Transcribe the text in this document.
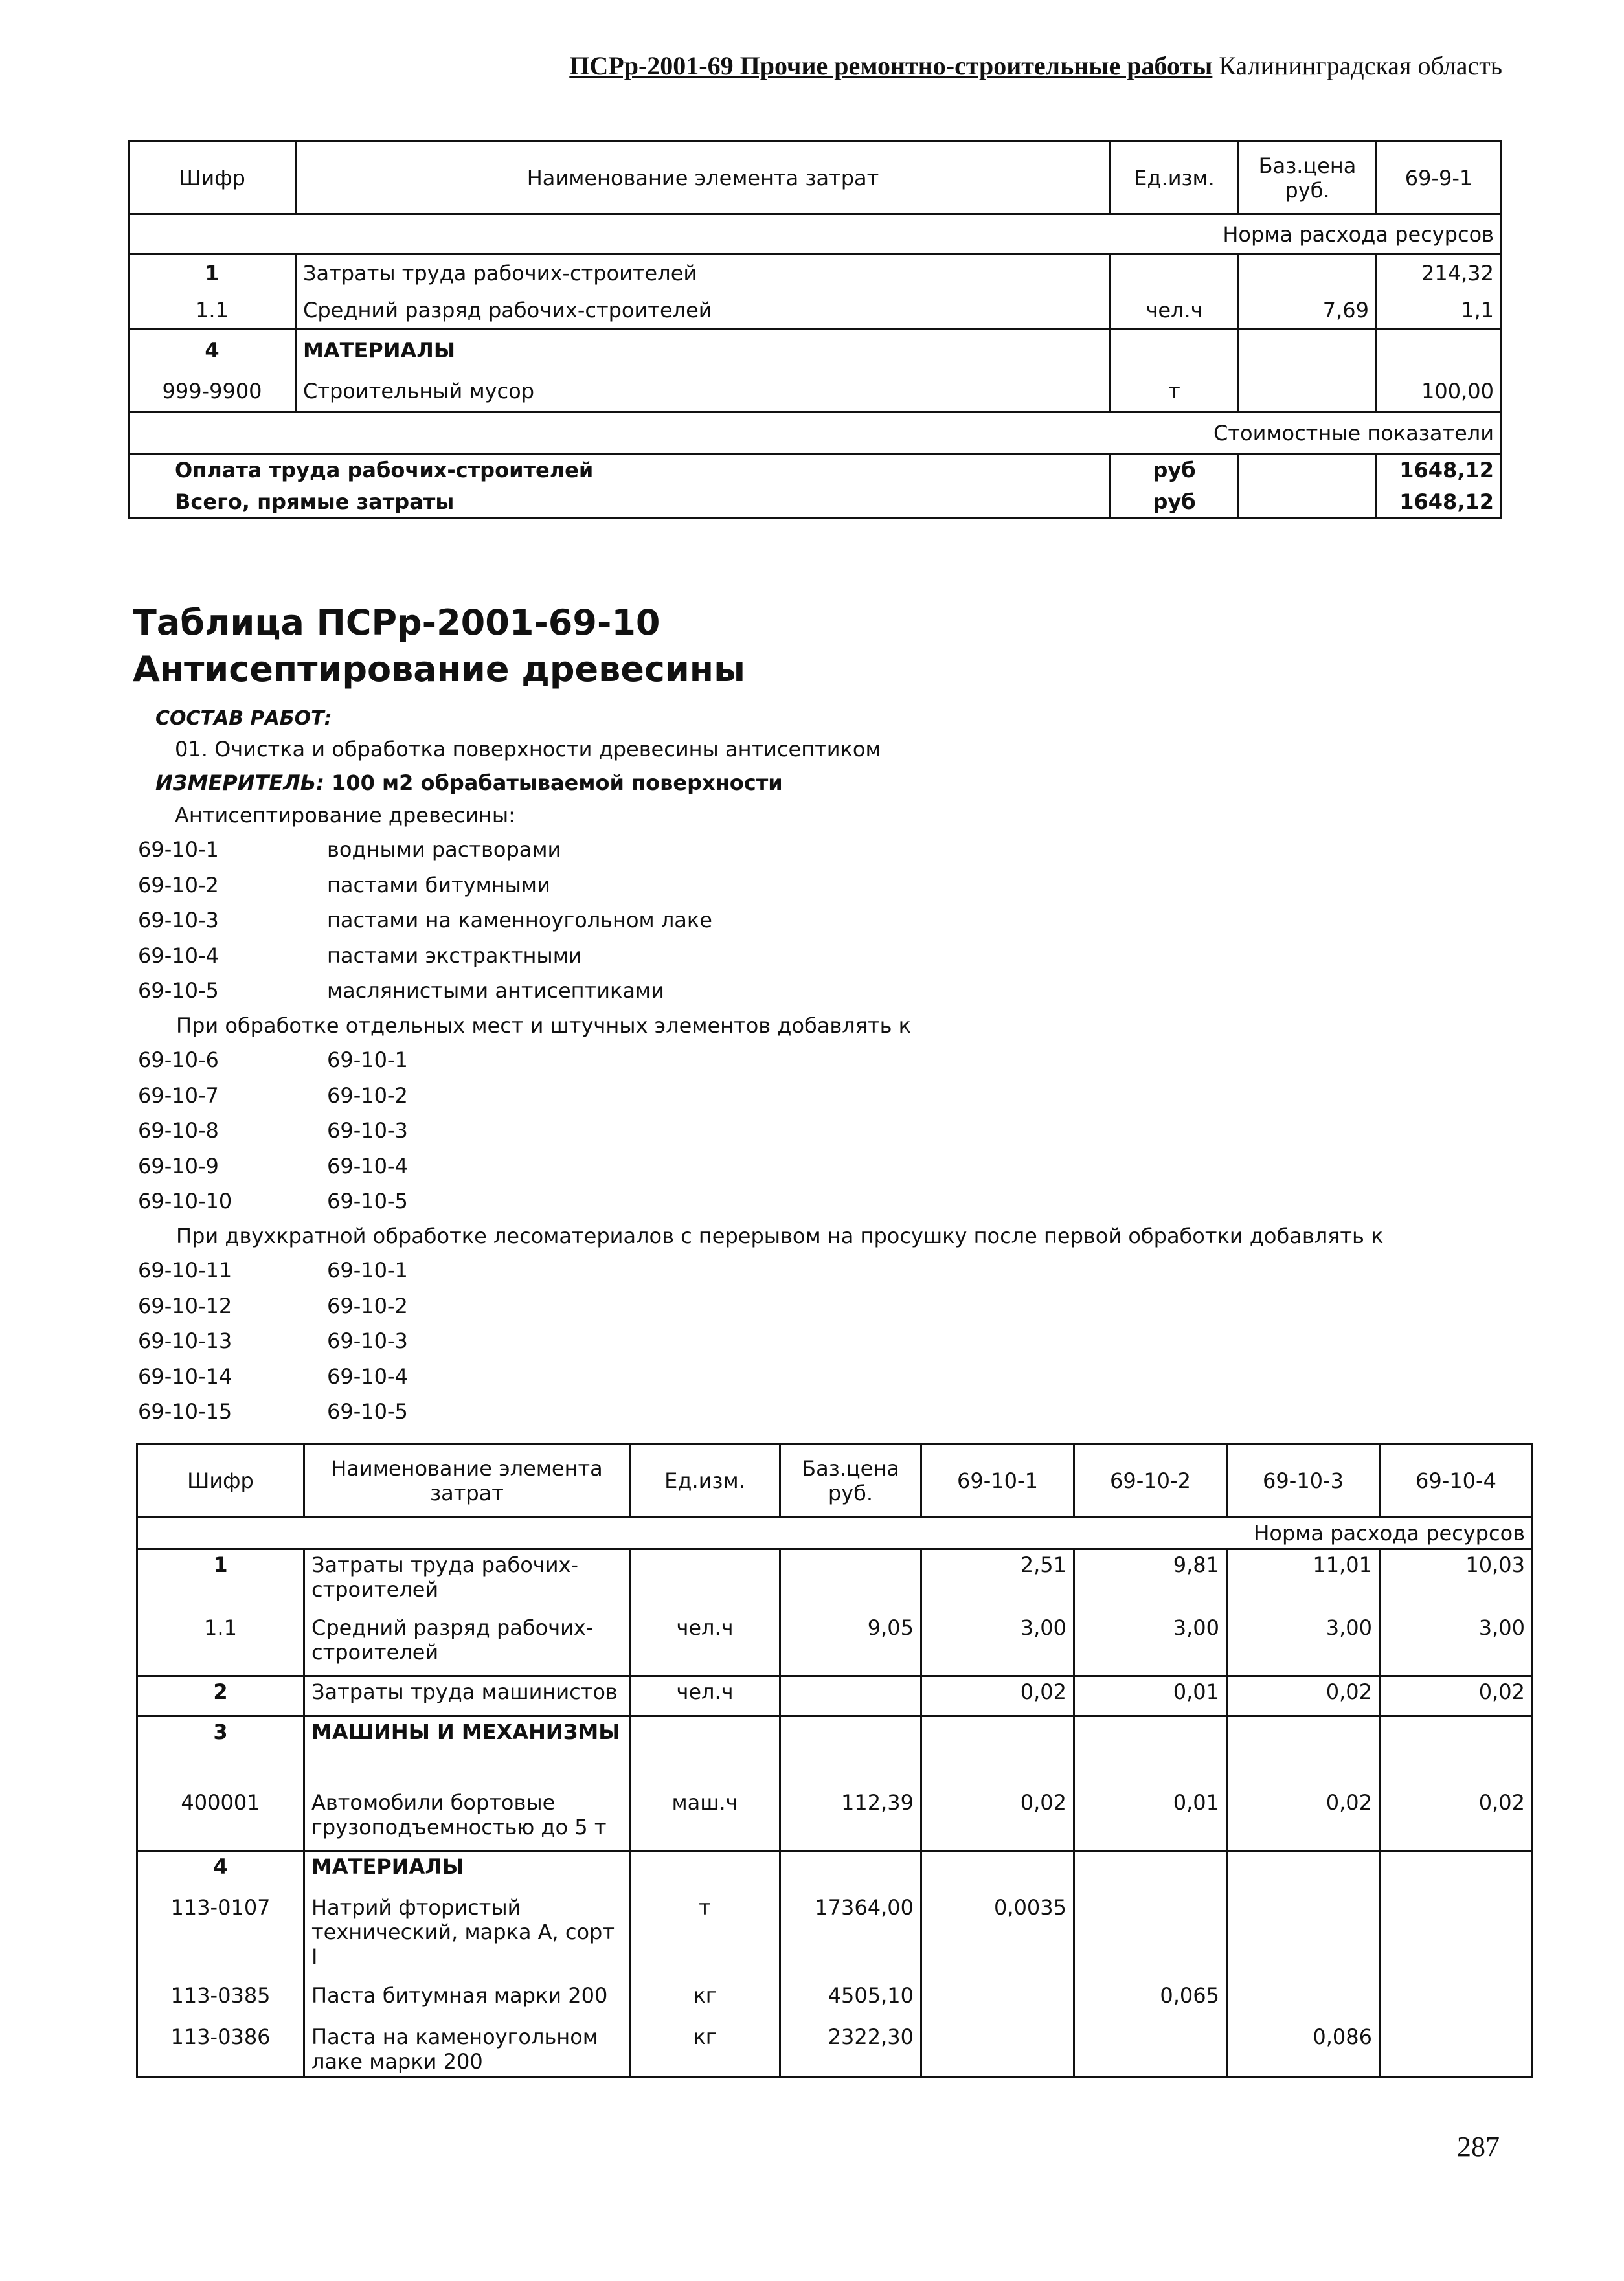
ПСРр-2001-69 Прочие ремонтно-строительные работы Калининградская область
Шифр	Наименование элемента затрат	Ед.изм.	Баз.цена руб.	69-9-1
Норма расхода ресурсов				
1	Затраты труда рабочих-строителей			214,32
1.1	Средний разряд рабочих-строителей	чел.ч	7,69	1,1
4	МАТЕРИАЛЫ			
999-9900	Строительный мусор	т		100,00
Стоимостные показатели				
Оплата труда рабочих-строителей		руб		1648,12
Всего, прямые затраты		руб		1648,12
Таблица ПСРр-2001-69-10
Антисептирование древесины
СОСТАВ РАБОТ:
01. Очистка и обработка поверхности древесины антисептиком
ИЗМЕРИТЕЛЬ: 100 м2 обрабатываемой поверхности
Антисептирование древесины:
69-10-1	водными растворами
69-10-2	пастами битумными
69-10-3	пастами на каменноугольном лаке
69-10-4	пастами экстрактными
69-10-5	маслянистыми антисептиками
При обработке отдельных мест и штучных элементов добавлять к
69-10-6	69-10-1
69-10-7	69-10-2
69-10-8	69-10-3
69-10-9	69-10-4
69-10-10	69-10-5
При двухкратной обработке лесоматериалов с перерывом на просушку после первой обработки добавлять к
69-10-11	69-10-1
69-10-12	69-10-2
69-10-13	69-10-3
69-10-14	69-10-4
69-10-15	69-10-5
Шифр	Наименование элемента затрат	Ед.изм.	Баз.цена руб.	69-10-1	69-10-2	69-10-3	69-10-4
Норма расхода ресурсов							
1	Затраты труда рабочих-строителей			2,51	9,81	11,01	10,03
1.1	Средний разряд рабочих-строителей	чел.ч	9,05	3,00	3,00	3,00	3,00
2	Затраты труда машинистов	чел.ч		0,02	0,01	0,02	0,02
3	МАШИНЫ И МЕХАНИЗМЫ						
400001	Автомобили бортовые грузоподъемностью до 5 т	маш.ч	112,39	0,02	0,01	0,02	0,02
4	МАТЕРИАЛЫ						
113-0107	Натрий фтористый технический, марка А, сорт I	т	17364,00	0,0035			
113-0385	Паста битумная марки 200	кг	4505,10		0,065		
113-0386	Паста на каменоугольном лаке марки 200	кг	2322,30			0,086	
287
